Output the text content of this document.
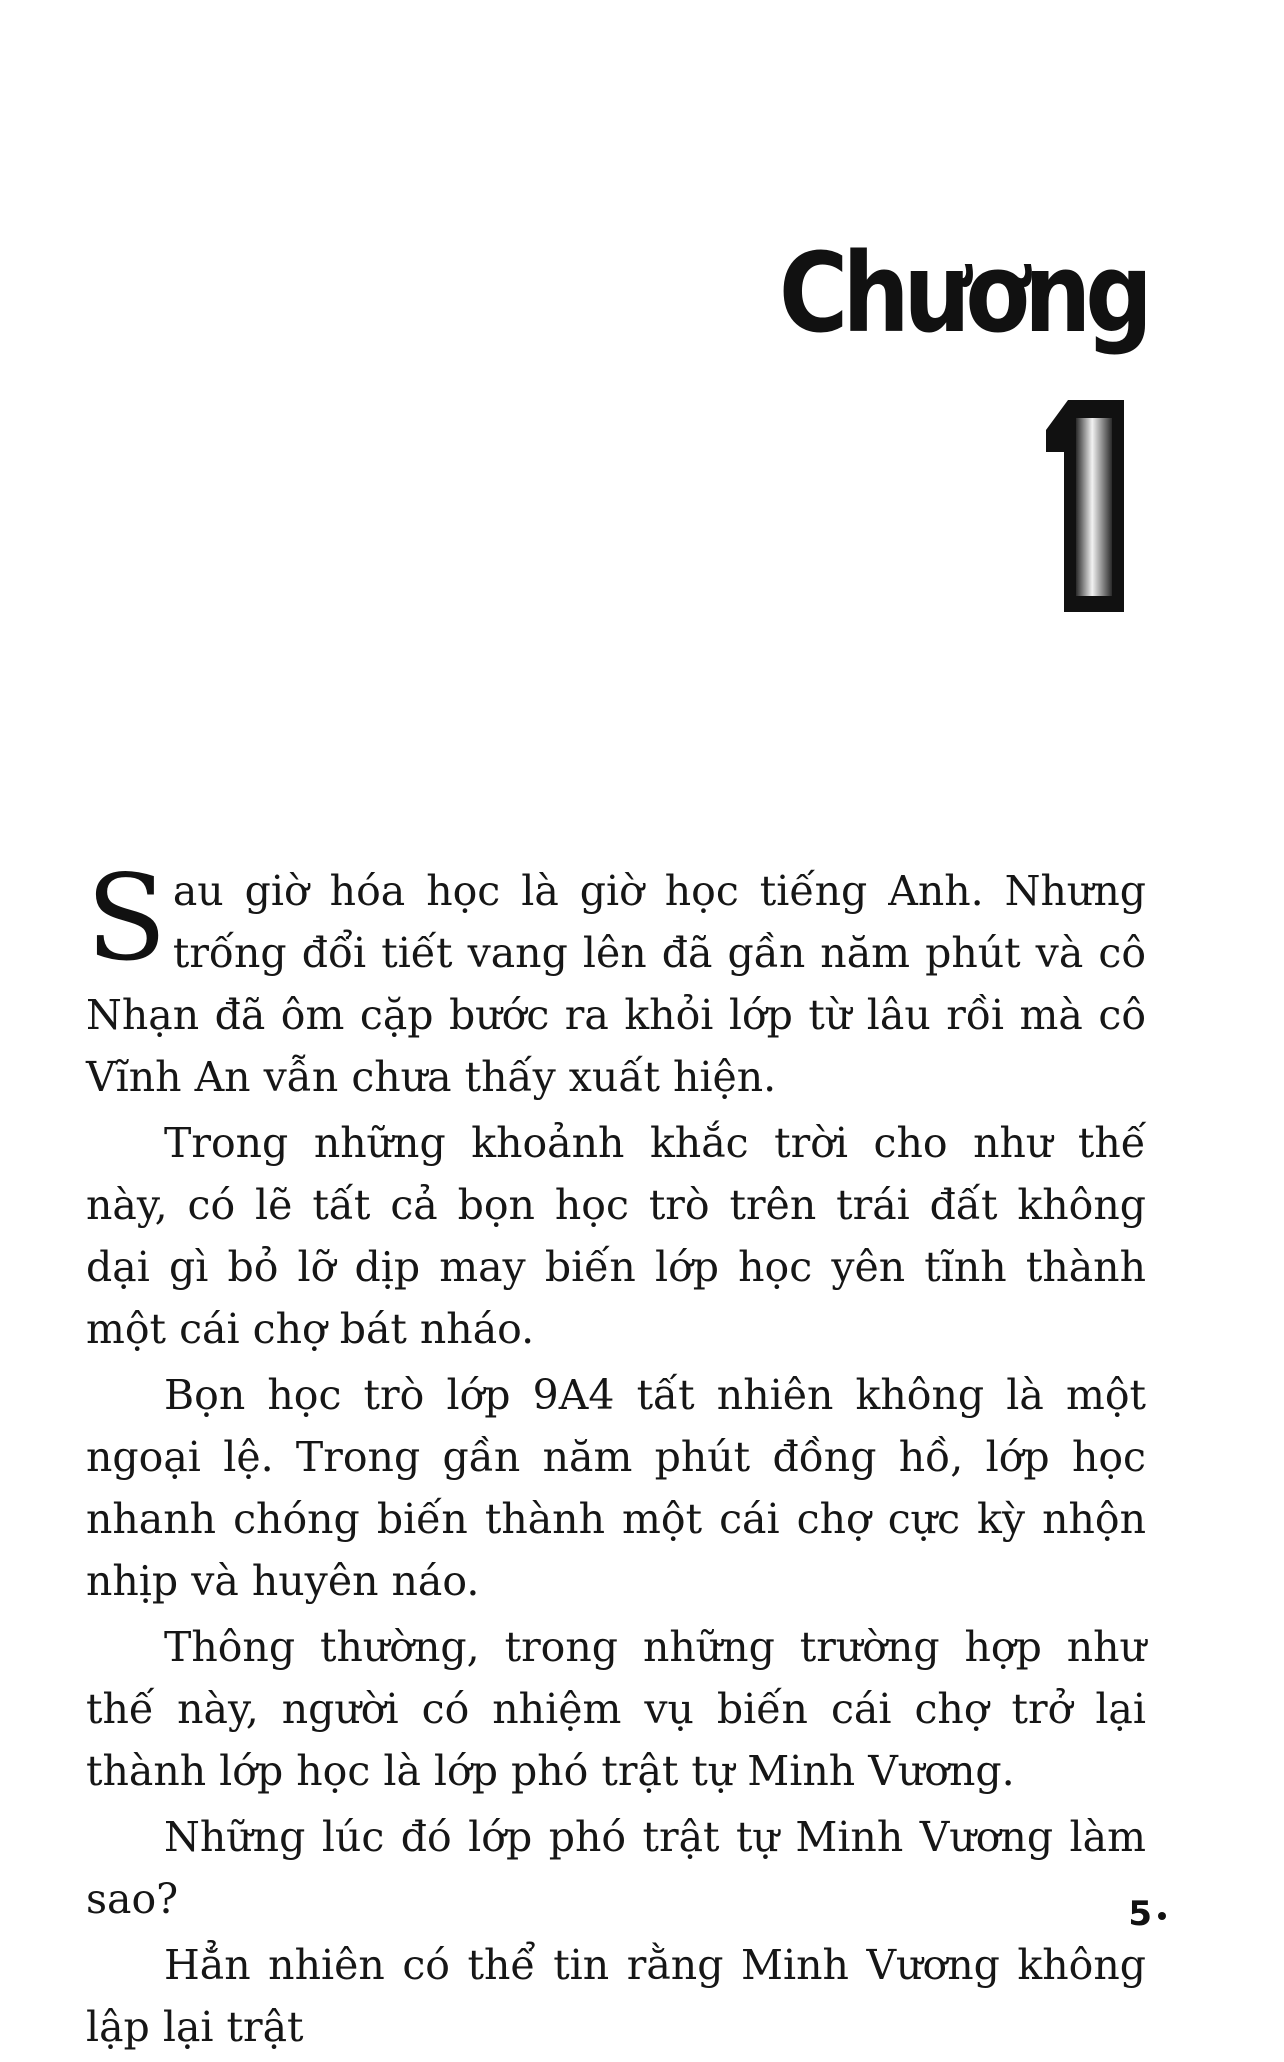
Chương

Sau giờ hóa học là giờ học tiếng Anh. Nhưng trống đổi tiết vang lên đã gần năm phút và cô Nhạn đã ôm cặp bước ra khỏi lớp từ lâu rồi mà cô Vĩnh An vẫn chưa thấy xuất hiện.

Trong những khoảnh khắc trời cho như thế này, có lẽ tất cả bọn học trò trên trái đất không dại gì bỏ lỡ dịp may biến lớp học yên tĩnh thành một cái chợ bát nháo.

Bọn học trò lớp 9A4 tất nhiên không là một ngoại lệ. Trong gần năm phút đồng hồ, lớp học nhanh chóng biến thành một cái chợ cực kỳ nhộn nhịp và huyên náo.

Thông thường, trong những trường hợp như thế này, người có nhiệm vụ biến cái chợ trở lại thành lớp học là lớp phó trật tự Minh Vương.

Những lúc đó lớp phó trật tự Minh Vương làm sao?

Hẳn nhiên có thể tin rằng Minh Vương không lập lại trật

5
